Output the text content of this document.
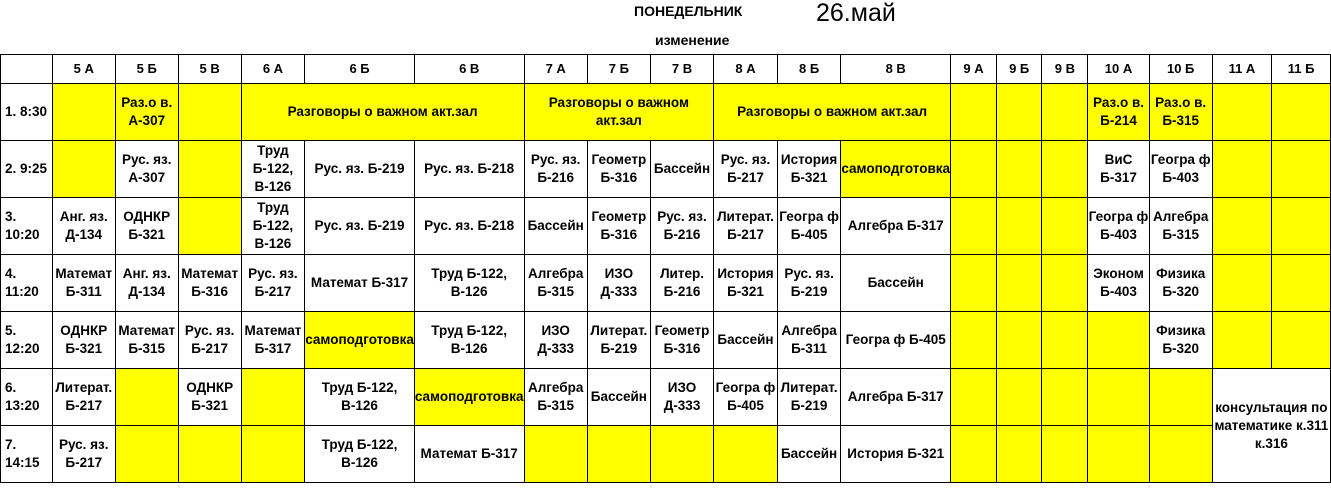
ПОНЕДЕЛЬНИК	26.май
изменение
	5 А	5 Б	5 В	6 А	6 Б	6 В	7 А	7 Б	7 В	8 А	8 Б	8 В	9 А	9 Б	9 В	10 А	10 Б	11 А	11 Б
1. 8:30		Раз.о в. А-307		Разговоры о важном акт.зал			Разговоры о важном акт.зал			Разговоры о важном акт.зал						Раз.о в. Б-214	Раз.о в. Б-315		
2. 9:25		Рус. яз. А-307		Труд Б-122, В-126	Рус. яз. Б-219	Рус. яз. Б-218	Рус. яз. Б-216	Геометр Б-316	Бассейн	Рус. яз. Б-217	История Б-321	самоподготовка				ВиС Б-317	Геогра ф Б-403		
3. 10:20	Анг. яз. Д-134	ОДНКР Б-321		Труд Б-122, В-126	Рус. яз. Б-219	Рус. яз. Б-218	Бассейн	Геометр Б-316	Рус. яз. Б-216	Литерат. Б-217	Геогра ф Б-405	Алгебра Б-317				Геогра ф Б-403	Алгебра Б-315		
4. 11:20	Математ Б-311	Анг. яз. Д-134	Математ Б-316	Рус. яз. Б-217	Математ Б-317	Труд Б-122, В-126	Алгебра Б-315	ИЗО Д-333	Литер. Б-216	История Б-321	Рус. яз. Б-219	Бассейн				Эконом Б-403	Физика Б-320		
5. 12:20	ОДНКР Б-321	Математ Б-315	Рус. яз. Б-217	Математ Б-317	самоподготовка	Труд Б-122, В-126	ИЗО Д-333	Литерат. Б-219	Геометр Б-316	Бассейн	Алгебра Б-311	Геогра ф Б-405					Физика Б-320		
6. 13:20	Литерат. Б-217		ОДНКР Б-321		Труд Б-122, В-126	самоподготовка	Алгебра Б-315	Бассейн	ИЗО Д-333	Геогра ф Б-405	Литерат. Б-219	Алгебра Б-317						консультация по математике к.311 к.316	
7. 14:15	Рус. яз. Б-217				Труд Б-122, В-126	Математ Б-317					Бассейн	История Б-321							
